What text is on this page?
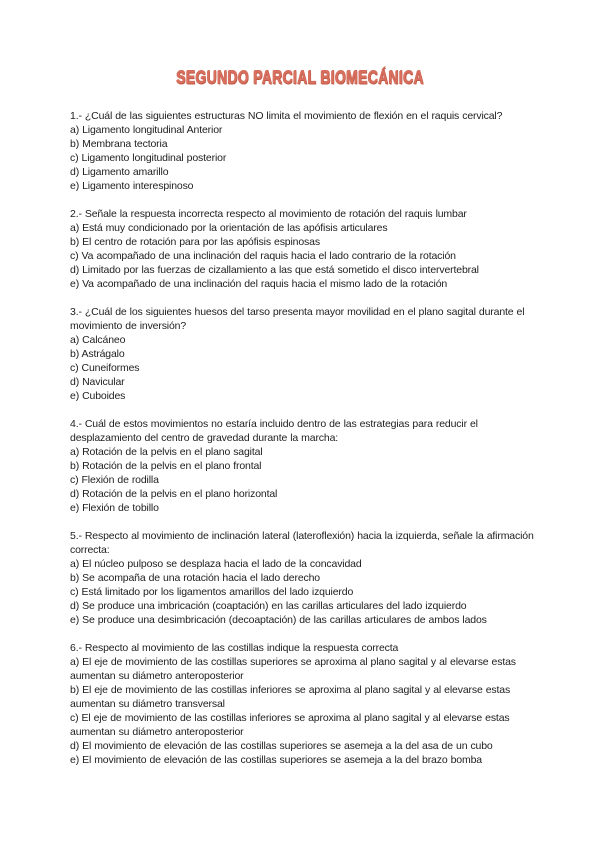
SEGUNDO PARCIAL BIOMECÁNICA

1.- ¿Cuál de las siguientes estructuras NO limita el movimiento de flexión en el raquis cervical?

a) Ligamento longitudinal Anterior

b) Membrana tectoria

c) Ligamento longitudinal posterior

d) Ligamento amarillo

e) Ligamento interespinoso

2.- Señale la respuesta incorrecta respecto al movimiento de rotación del raquis lumbar

a) Está muy condicionado por la orientación de las apófisis articulares

b) El centro de rotación para por las apófisis espinosas

c) Va acompañado de una inclinación del raquis hacia el lado contrario de la rotación

d) Limitado por las fuerzas de cizallamiento a las que está sometido el disco intervertebral

e) Va acompañado de una inclinación del raquis hacia el mismo lado de la rotación

3.- ¿Cuál de los siguientes huesos del tarso presenta mayor movilidad en el plano sagital durante el movimiento de inversión?

a) Calcáneo

b) Astrágalo

c) Cuneiformes

d) Navicular

e) Cuboides

4.- Cuál de estos movimientos no estaría incluido dentro de las estrategias para reducir el desplazamiento del centro de gravedad durante la marcha:

a) Rotación de la pelvis en el plano sagital

b) Rotación de la pelvis en el plano frontal

c) Flexión de rodilla

d) Rotación de la pelvis en el plano horizontal

e) Flexión de tobillo

5.- Respecto al movimiento de inclinación lateral (lateroflexión) hacia la izquierda, señale la afirmación correcta:

a) El núcleo pulposo se desplaza hacia el lado de la concavidad

b) Se acompaña de una rotación hacia el lado derecho

c) Está limitado por los ligamentos amarillos del lado izquierdo

d) Se produce una imbricación (coaptación) en las carillas articulares del lado izquierdo

e) Se produce una desimbricación (decoaptación) de las carillas articulares de ambos lados

6.- Respecto al movimiento de las costillas indique la respuesta correcta

a) El eje de movimiento de las costillas superiores se aproxima al plano sagital y al elevarse estas aumentan su diámetro anteroposterior

b) El eje de movimiento de las costillas inferiores se aproxima al plano sagital y al elevarse estas aumentan su diámetro transversal

c) El eje de movimiento de las costillas inferiores se aproxima al plano sagital y al elevarse estas aumentan su diámetro anteroposterior

d) El movimiento de elevación de las costillas superiores se asemeja a la del asa de un cubo

e) El movimiento de elevación de las costillas superiores se asemeja a la del brazo bomba
